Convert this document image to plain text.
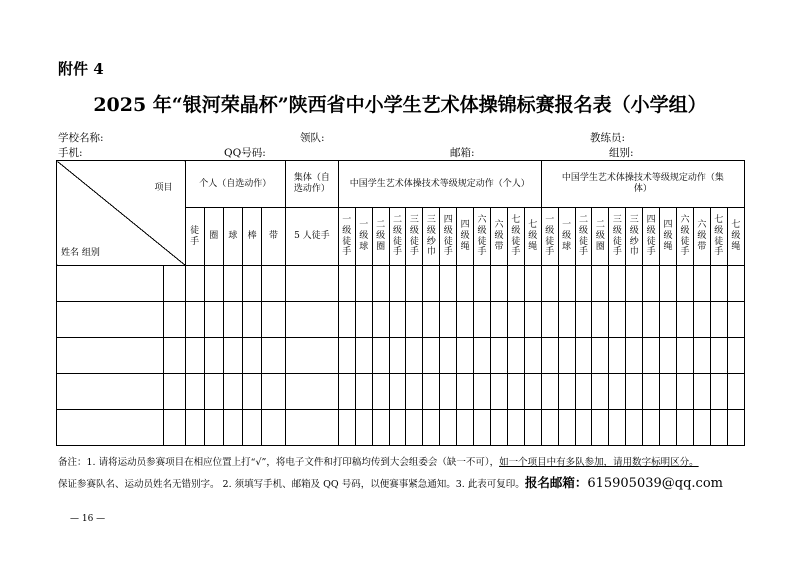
附件 4
2025 年“银河荣晶杯”陕西省中小学生艺术体操锦标赛报名表（小学组）
学校名称:	领队:	教练员:
手机:	QQ号码:	邮箱:	组别:
项目
姓名 组别		个人（自选动作）					集体（自选动作）	中国学生艺术体操技术等级规定动作（个人）												中国学生艺术体操技术等级规定动作（集体）											
		徒手	圈	球	棒	带	5 人徒手	一级徒手	一级球	二级圈	二级徒手	三级徒手	三级纱巾	四级徒手	四级绳	六级徒手	六级带	七级徒手	七级绳	一级徒手	一级球	二级徒手	二级圈	三级徒手	三级纱巾	四级徒手	四级绳	六级徒手	六级带	七级徒手	七级绳

备注：1. 请将运动员参赛项目在相应位置上打“√”，将电子文件和打印稿均传到大会组委会（缺一不可），如一个项目中有多队参加，请用数字标明区分。
保证参赛队名、运动员姓名无错别字。 2. 须填写手机、邮箱及 QQ 号码，以便赛事紧急通知。3. 此表可复印。报名邮箱：615905039@qq.com
— 16 —
